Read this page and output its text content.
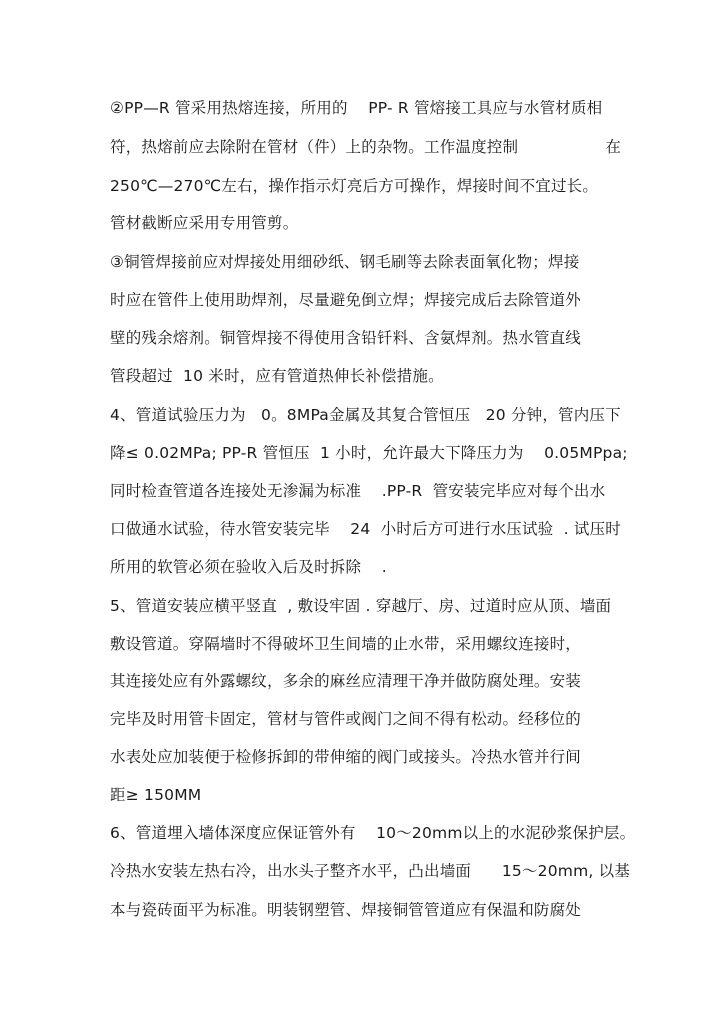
②PP—R 管采用热熔连接，所用的    PP- R 管熔接工具应与水管材质相
符，热熔前应去除附在管材（件）上的杂物。工作温度控制                 在
250℃—270℃左右，操作指示灯亮后方可操作，焊接时间不宜过长。
管材截断应采用专用管剪。
③铜管焊接前应对焊接处用细砂纸、钢毛刷等去除表面氧化物；焊接
时应在管件上使用助焊剂，尽量避免倒立焊；焊接完成后去除管道外
壁的残余熔剂。铜管焊接不得使用含铅钎料、含氨焊剂。热水管直线
管段超过  10 米时，应有管道热伸长补偿措施。
4、管道试验压力为   0。8MPa金属及其复合管恒压   20 分钟，管内压下
降≤ 0.02MPa; PP-R 管恒压  1 小时，允许最大下降压力为    0.05MPpa;
同时检查管道各连接处无渗漏为标准    .PP-R  管安装完毕应对每个出水
口做通水试验，待水管安装完毕    24  小时后方可进行水压试验  . 试压时
所用的软管必须在验收入后及时拆除    .
5、管道安装应横平竖直  , 敷设牢固 . 穿越厅、房、过道时应从顶、墙面
敷设管道。穿隔墙时不得破坏卫生间墙的止水带，采用螺纹连接时，
其连接处应有外露螺纹，多余的麻丝应清理干净并做防腐处理。安装
完毕及时用管卡固定，管材与管件或阀门之间不得有松动。经移位的
水表处应加装便于检修拆卸的带伸缩的阀门或接头。冷热水管并行间
距≥ 150MM
6、管道埋入墙体深度应保证管外有    10～20mm以上的水泥砂浆保护层。
冷热水安装左热右冷，出水头子整齐水平，凸出墙面      15～20mm, 以基
本与瓷砖面平为标准。明装钢塑管、焊接铜管管道应有保温和防腐处
